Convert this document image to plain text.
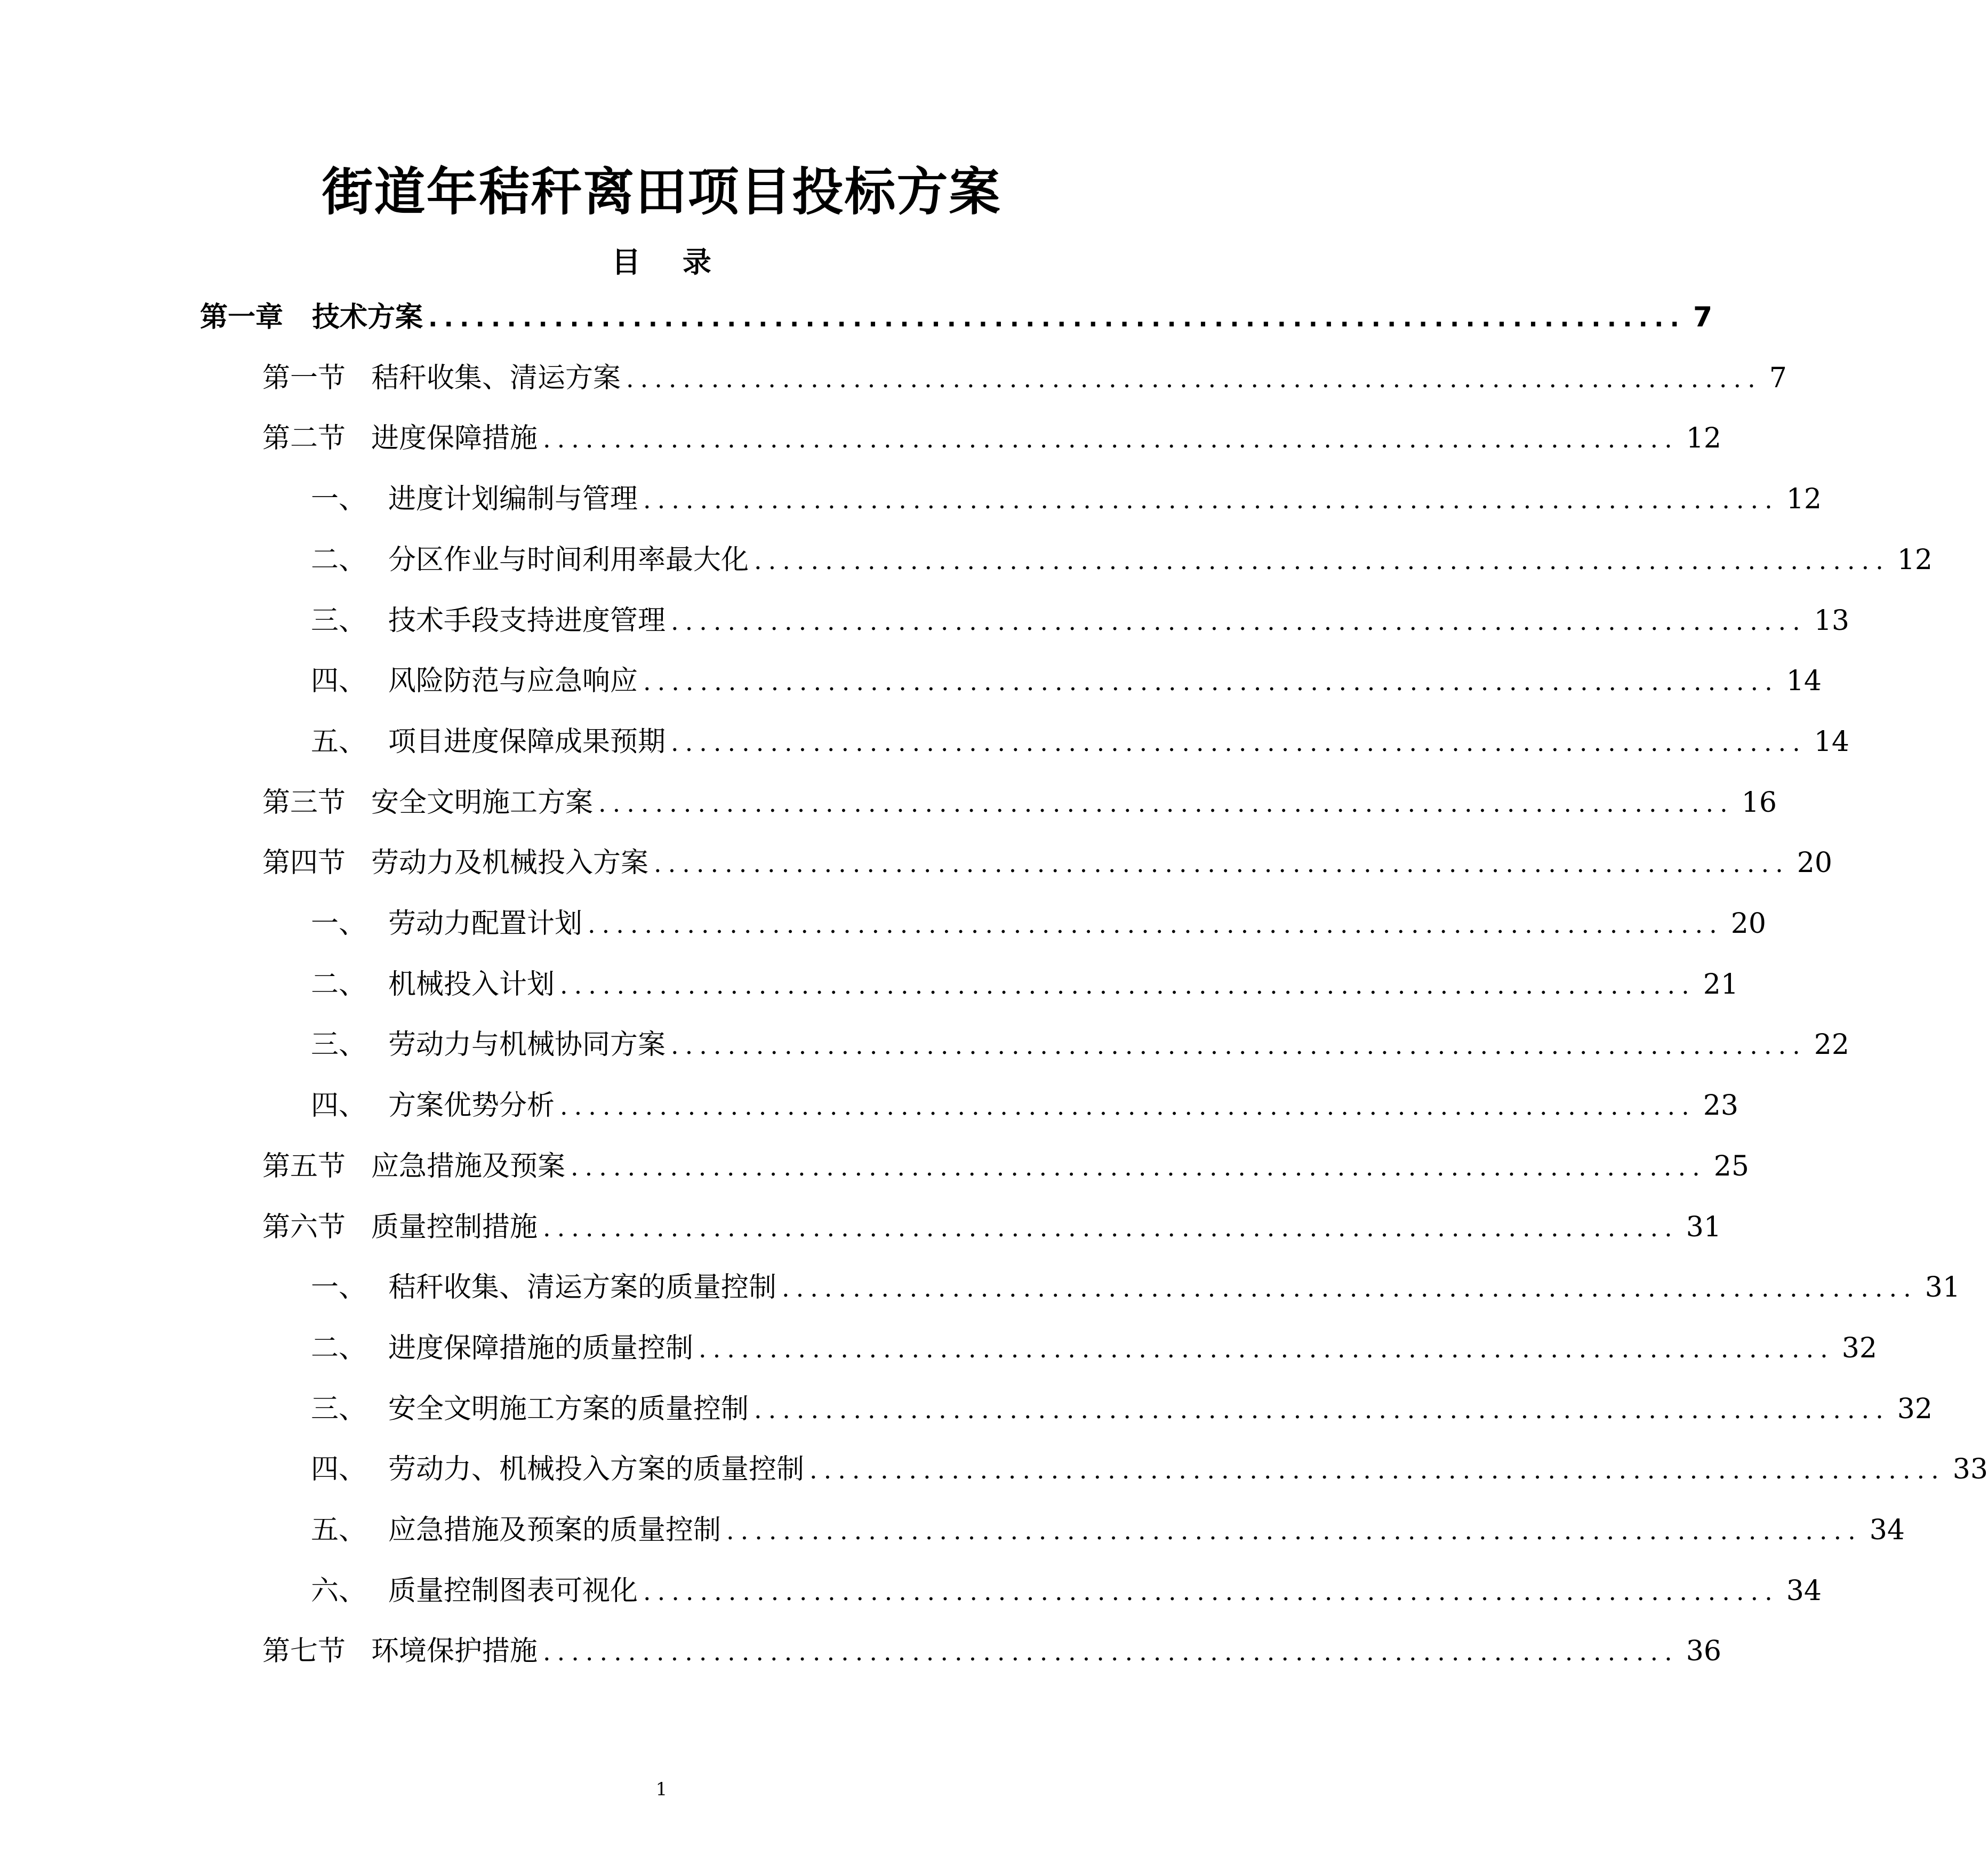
街道年秸秆离田项目投标方案
目 录
第一章	技术方案 ................................................................................ 7
第一节 秸秆收集、清运方案 ................................................................................ 7
第二节 进度保障措施 ................................................................................ 12
一、 进度计划编制与管理 ................................................................................ 12
二、 分区作业与时间利用率最大化 ................................................................................ 12
三、 技术手段支持进度管理 ................................................................................ 13
四、 风险防范与应急响应 ................................................................................ 14
五、 项目进度保障成果预期 ................................................................................ 14
第三节 安全文明施工方案 ................................................................................ 16
第四节 劳动力及机械投入方案 ................................................................................ 20
一、 劳动力配置计划 ................................................................................ 20
二、 机械投入计划 ................................................................................ 21
三、 劳动力与机械协同方案 ................................................................................ 22
四、 方案优势分析 ................................................................................ 23
第五节 应急措施及预案 ................................................................................ 25
第六节 质量控制措施 ................................................................................ 31
一、 秸秆收集、清运方案的质量控制 ................................................................................ 31
二、 进度保障措施的质量控制 ................................................................................ 32
三、 安全文明施工方案的质量控制 ................................................................................ 32
四、 劳动力、机械投入方案的质量控制 ................................................................................ 33
五、 应急措施及预案的质量控制 ................................................................................ 34
六、 质量控制图表可视化 ................................................................................ 34
第七节 环境保护措施 ................................................................................ 36
1
